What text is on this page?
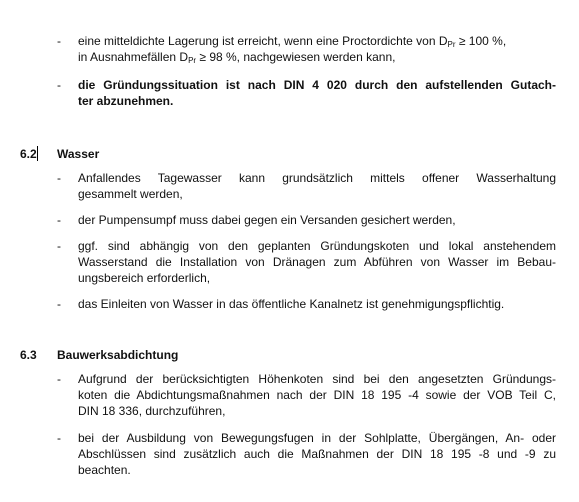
- eine mitteldichte Lagerung ist erreicht, wenn eine Proctordichte von $D_{Pr} \ge 100$ %,
in Ausnahmefällen $D_{Pr} \ge 98$ %, nachgewiesen werden kann,
- die Gründungssituation ist nach DIN 4 020 durch den aufstellenden Gutach-
ter abzunehmen.
6.2 Wasser
- Anfallendes Tagewasser kann grundsätzlich mittels offener Wasserhaltung
gesammelt werden,
- der Pumpensumpf muss dabei gegen ein Versanden gesichert werden,
- ggf. sind abhängig von den geplanten Gründungskoten und lokal anstehendem
Wasserstand die Installation von Dränagen zum Abführen von Wasser im Bebau-
ungsbereich erforderlich,
- das Einleiten von Wasser in das öffentliche Kanalnetz ist genehmigungspflichtig.
6.3 Bauwerksabdichtung
- Aufgrund der berücksichtigten Höhenkoten sind bei den angesetzten Gründungs-
koten die Abdichtungsmaßnahmen nach der DIN 18 195 -4 sowie der VOB Teil C,
DIN 18 336, durchzuführen,
- bei der Ausbildung von Bewegungsfugen in der Sohlplatte, Übergängen, An- oder
Abschlüssen sind zusätzlich auch die Maßnahmen der DIN 18 195 -8 und -9 zu
beachten.
